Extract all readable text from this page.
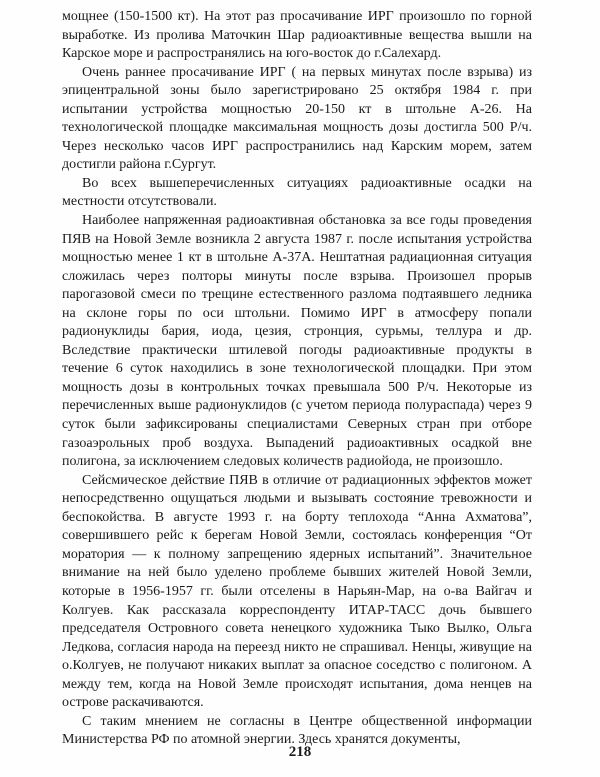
мощнее (150-1500 кт). На этот раз просачивание ИРГ произошло по горной выработке. Из пролива Маточкин Шар радиоактивные вещества вышли на Карское море и распространялись на юго-восток до г.Салехард.

Очень раннее просачивание ИРГ ( на первых минутах после взрыва) из эпицентральной зоны было зарегистрировано 25 октября 1984 г. при испытании устройства мощностью 20-150 кт в штольне А-26. На технологической площадке максимальная мощность дозы достигла 500 Р/ч. Через несколько часов ИРГ распространились над Карским морем, затем достигли района г.Сургут.

Во всех вышеперечисленных ситуациях радиоактивные осадки на местности отсутствовали.

Наиболее напряженная радиоактивная обстановка за все годы проведения ПЯВ на Новой Земле возникла 2 августа 1987 г. после испытания устройства мощностью менее 1 кт в штольне А-37А. Нештатная радиационная ситуация сложилась через полторы минуты после взрыва. Произошел прорыв парогазовой смеси по трещине естественного разлома подтаявшего ледника на склоне горы по оси штольни. Помимо ИРГ в атмосферу попали радионуклиды бария, иода, цезия, стронция, сурьмы, теллура и др. Вследствие практически штилевой погоды радиоактивные продукты в течение 6 суток находились в зоне технологической площадки. При этом мощность дозы в контрольных точках превышала 500 Р/ч. Некоторые из перечисленных выше радионуклидов (с учетом периода полураспада) через 9 суток были зафиксированы специалистами Северных стран при отборе газоаэрольных проб воздуха. Выпадений радиоактивных осадкой вне полигона, за исключением следовых количеств радиойода, не произошло.

Сейсмическое действие ПЯВ в отличие от радиационных эффектов может непосредственно ощущаться людьми и вызывать состояние тревожности и беспокойства. В августе 1993 г. на борту теплохода “Анна Ахматова”, совершившего рейс к берегам Новой Земли, состоялась конференция “От моратория — к полному запрещению ядерных испытаний”. Значительное внимание на ней было уделено проблеме бывших жителей Новой Земли, которые в 1956-1957 гг. были отселены в Нарьян-Мар, на о-ва Вайгач и Колгуев. Как рассказала корреспонденту ИТАР-ТАСС дочь бывшего председателя Островного совета ненецкого художника Тыко Вылко, Ольга Ледкова, согласия народа на переезд никто не спрашивал. Ненцы, живущие на о.Колгуев, не получают никаких выплат за опасное соседство с полигоном. А между тем, когда на Новой Земле происходят испытания, дома ненцев на острове раскачиваются.

С таким мнением не согласны в Центре общественной информации Министерства РФ по атомной энергии. Здесь хранятся документы,

218
